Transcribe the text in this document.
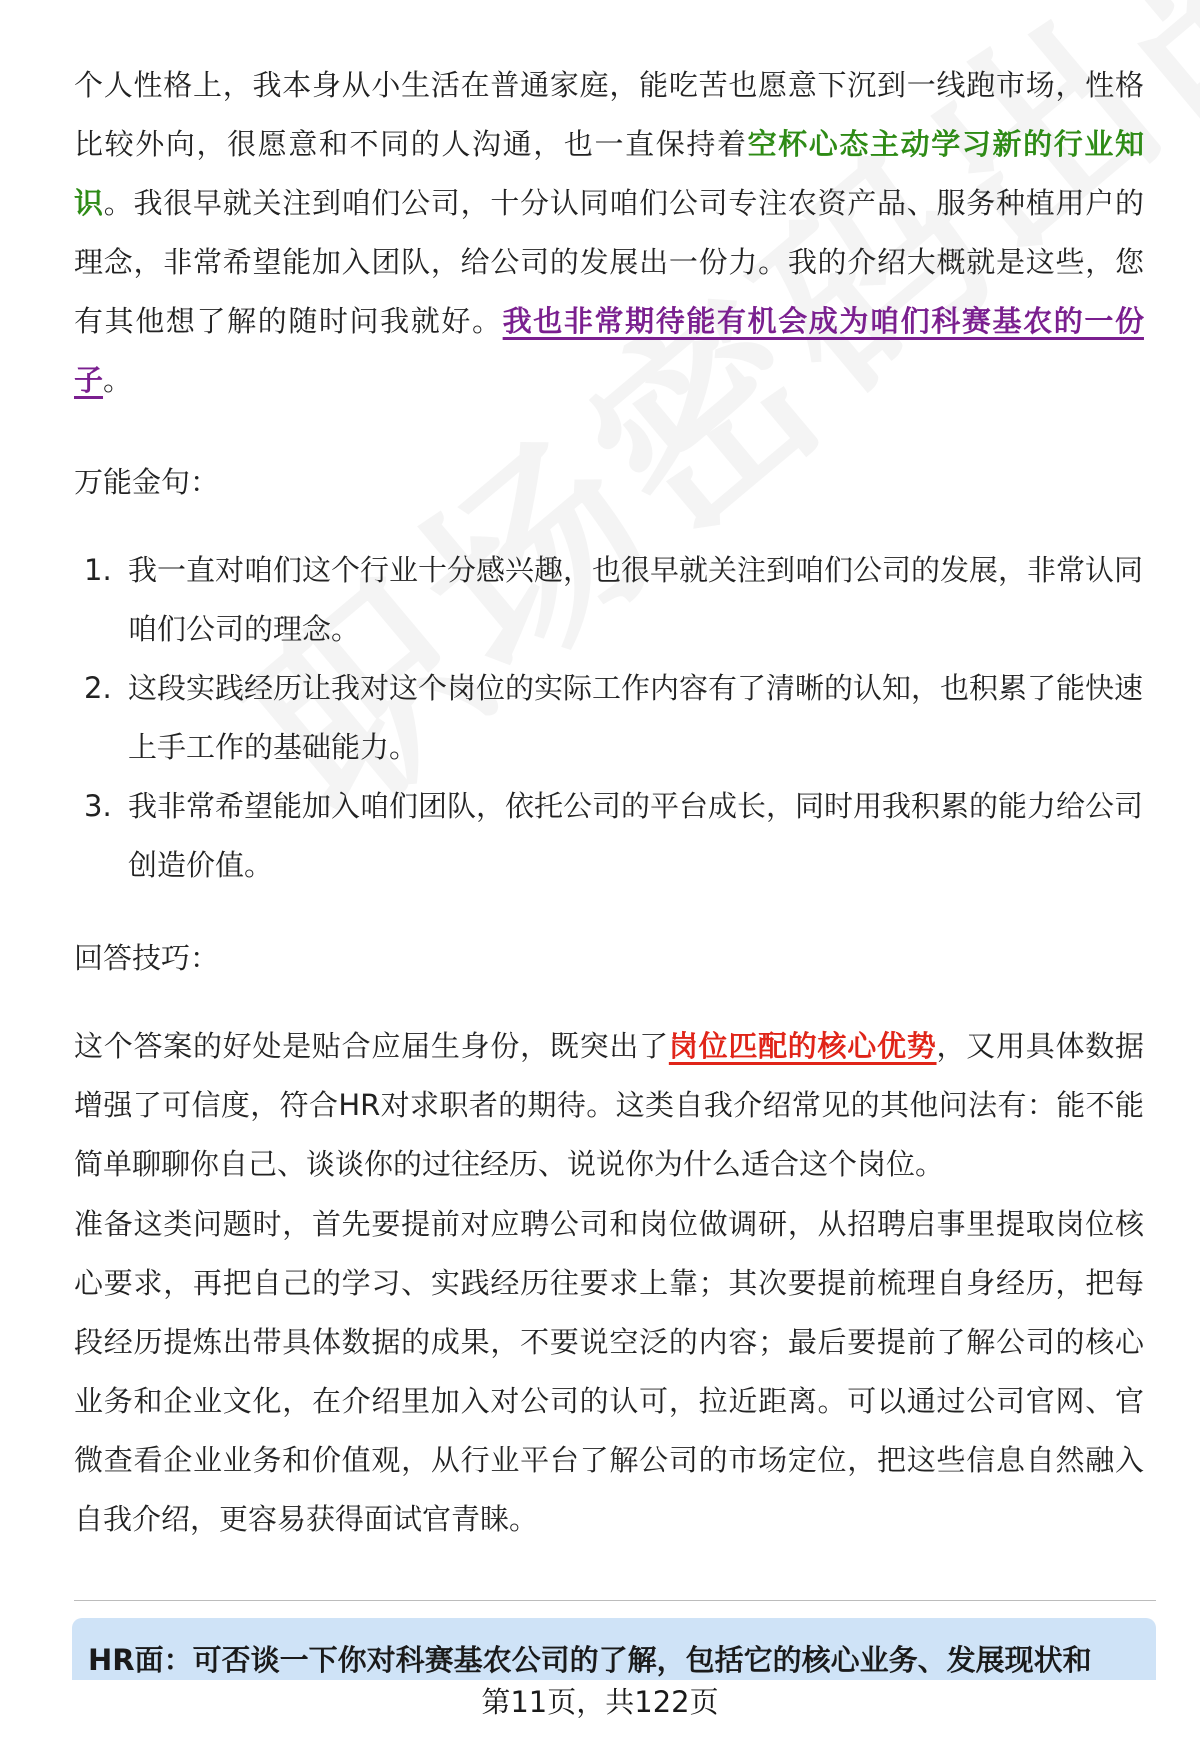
个人性格上，我本身从小生活在普通家庭，能吃苦也愿意下沉到一线跑市场，性格比较外向，很愿意和不同的人沟通，也一直保持着空杯心态主动学习新的行业知识。我很早就关注到咱们公司，十分认同咱们公司专注农资产品、服务种植用户的理念，非常希望能加入团队，给公司的发展出一份力。我的介绍大概就是这些，您有其他想了解的随时问我就好。我也非常期待能有机会成为咱们科赛基农的一份子。

万能金句：
1. 我一直对咱们这个行业十分感兴趣，也很早就关注到咱们公司的发展，非常认同咱们公司的理念。
2. 这段实践经历让我对这个岗位的实际工作内容有了清晰的认知，也积累了能快速上手工作的基础能力。
3. 我非常希望能加入咱们团队，依托公司的平台成长，同时用我积累的能力给公司创造价值。
回答技巧：

这个答案的好处是贴合应届生身份，既突出了岗位匹配的核心优势，又用具体数据增强了可信度，符合HR对求职者的期待。这类自我介绍常见的其他问法有：能不能简单聊聊你自己、谈谈你的过往经历、说说你为什么适合这个岗位。

准备这类问题时，首先要提前对应聘公司和岗位做调研，从招聘启事里提取岗位核心要求，再把自己的学习、实践经历往要求上靠；其次要提前梳理自身经历，把每段经历提炼出带具体数据的成果，不要说空泛的内容；最后要提前了解公司的核心业务和企业文化，在介绍里加入对公司的认可，拉近距离。可以通过公司官网、官微查看企业业务和价值观，从行业平台了解公司的市场定位，把这些信息自然融入自我介绍，更容易获得面试官青睐。

HR面：可否谈一下你对科赛基农公司的了解，包括它的核心业务、发展现状和
第11页，共122页
